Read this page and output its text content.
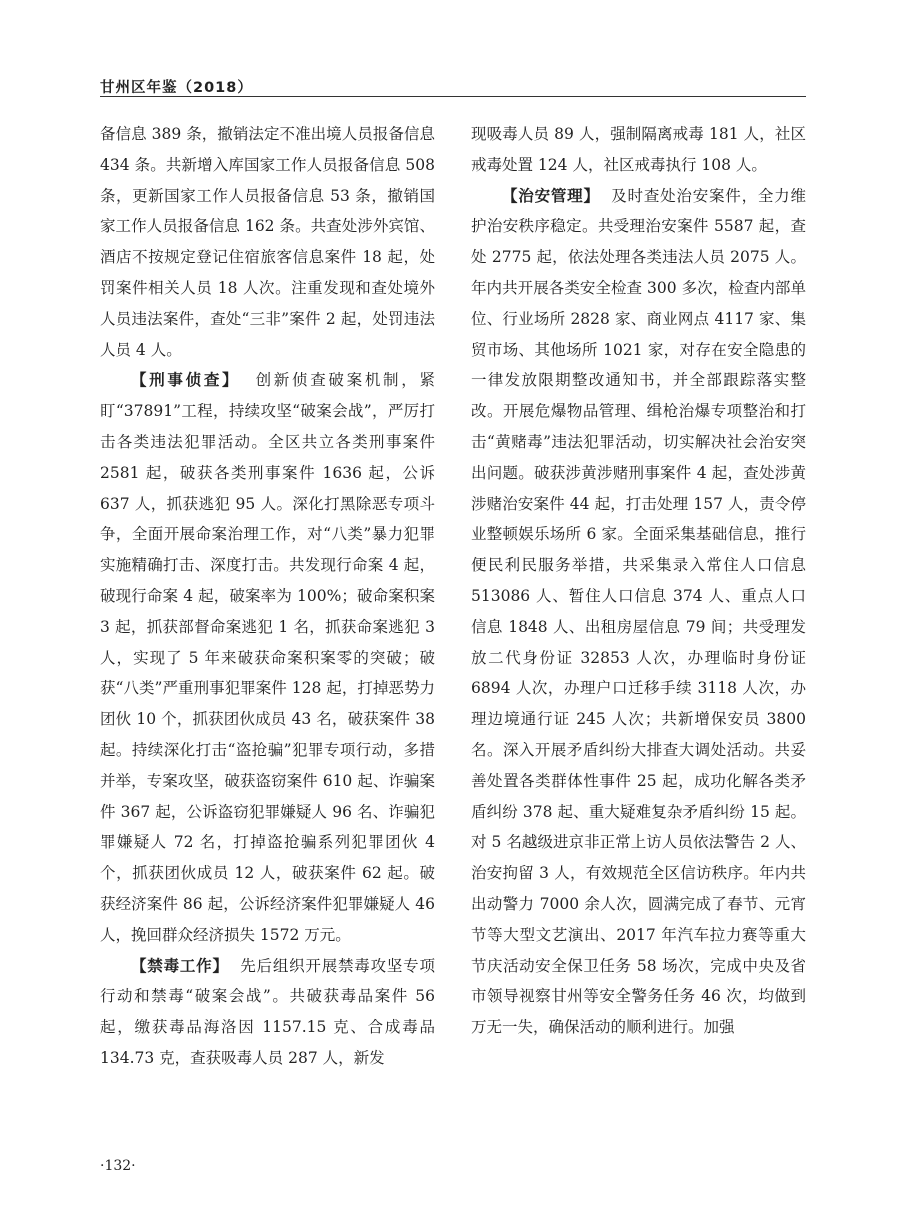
甘州区年鉴（2018）

备信息 389 条，撤销法定不准出境人员报备信息 434 条。共新增入库国家工作人员报备信息 508 条，更新国家工作人员报备信息 53 条，撤销国家工作人员报备信息 162 条。共查处涉外宾馆、酒店不按规定登记住宿旅客信息案件 18 起，处罚案件相关人员 18 人次。注重发现和查处境外人员违法案件，查处“三非”案件 2 起，处罚违法人员 4 人。

【刑事侦查】 创新侦查破案机制，紧盯“37891”工程，持续攻坚“破案会战”，严厉打击各类违法犯罪活动。全区共立各类刑事案件 2581 起，破获各类刑事案件 1636 起，公诉 637 人，抓获逃犯 95 人。深化打黑除恶专项斗争，全面开展命案治理工作，对“八类”暴力犯罪实施精确打击、深度打击。共发现行命案 4 起，破现行命案 4 起，破案率为 100%；破命案积案 3 起，抓获部督命案逃犯 1 名，抓获命案逃犯 3 人，实现了 5 年来破获命案积案零的突破；破获“八类”严重刑事犯罪案件 128 起，打掉恶势力团伙 10 个，抓获团伙成员 43 名，破获案件 38 起。持续深化打击“盗抢骗”犯罪专项行动，多措并举，专案攻坚，破获盗窃案件 610 起、诈骗案件 367 起，公诉盗窃犯罪嫌疑人 96 名、诈骗犯罪嫌疑人 72 名，打掉盗抢骗系列犯罪团伙 4 个，抓获团伙成员 12 人，破获案件 62 起。破获经济案件 86 起，公诉经济案件犯罪嫌疑人 46 人，挽回群众经济损失 1572 万元。

【禁毒工作】 先后组织开展禁毒攻坚专项行动和禁毒“破案会战”。共破获毒品案件 56 起，缴获毒品海洛因 1157.15 克、合成毒品 134.73 克，查获吸毒人员 287 人，新发

现吸毒人员 89 人，强制隔离戒毒 181 人，社区戒毒处置 124 人，社区戒毒执行 108 人。

【治安管理】 及时查处治安案件，全力维护治安秩序稳定。共受理治安案件 5587 起，查处 2775 起，依法处理各类违法人员 2075 人。年内共开展各类安全检查 300 多次，检查内部单位、行业场所 2828 家、商业网点 4117 家、集贸市场、其他场所 1021 家，对存在安全隐患的一律发放限期整改通知书，并全部跟踪落实整改。开展危爆物品管理、缉枪治爆专项整治和打击“黄赌毒”违法犯罪活动，切实解决社会治安突出问题。破获涉黄涉赌刑事案件 4 起，查处涉黄涉赌治安案件 44 起，打击处理 157 人，责令停业整顿娱乐场所 6 家。全面采集基础信息，推行便民利民服务举措，共采集录入常住人口信息 513086 人、暂住人口信息 374 人、重点人口信息 1848 人、出租房屋信息 79 间；共受理发放二代身份证 32853 人次，办理临时身份证 6894 人次，办理户口迁移手续 3118 人次，办理边境通行证 245 人次；共新增保安员 3800 名。深入开展矛盾纠纷大排查大调处活动。共妥善处置各类群体性事件 25 起，成功化解各类矛盾纠纷 378 起、重大疑难复杂矛盾纠纷 15 起。对 5 名越级进京非正常上访人员依法警告 2 人、治安拘留 3 人，有效规范全区信访秩序。年内共出动警力 7000 余人次，圆满完成了春节、元宵节等大型文艺演出、2017 年汽车拉力赛等重大节庆活动安全保卫任务 58 场次，完成中央及省市领导视察甘州等安全警务任务 46 次，均做到万无一失，确保活动的顺利进行。加强

·132·
